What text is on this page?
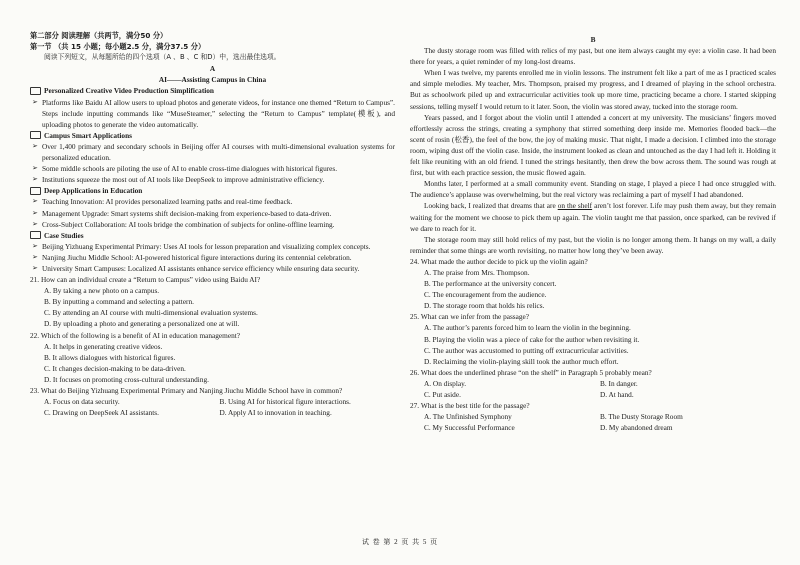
第二部分 阅读理解（共两节，满分50 分）

第一节 （共 15 小题；每小题2.5 分，满分37.5 分）

阅读下列短文，从每题所给的四个选项（A 、B 、C 和D）中，选出最佳选项。

A

AI——Assisting Campus in China

Personalized Creative Video Production Simplification
➢ Platforms like Baidu AI allow users to upload photos and generate videos, for instance one themed “Return to Campus”. Steps include inputting commands like “MuseSteamer,” selecting the “Return to Campus” template(模板), and uploading photos to generate the video automatically.
Campus Smart Applications
➢ Over 1,400 primary and secondary schools in Beijing offer AI courses with multi-dimensional evaluation systems for personalized education.
➢ Some middle schools are piloting the use of AI to enable cross-time dialogues with historical figures.
➢ Institutions squeeze the most out of AI tools like DeepSeek to improve administrative efficiency.
Deep Applications in Education
➢ Teaching Innovation: AI provides personalized learning paths and real-time feedback.
➢ Management Upgrade: Smart systems shift decision-making from experience-based to data-driven.
➢ Cross-Subject Collaboration: AI tools bridge the combination of subjects for online-offline learning.
Case Studies
➢ Beijing Yizhuang Experimental Primary: Uses AI tools for lesson preparation and visualizing complex concepts.
➢ Nanjing Jiuchu Middle School: AI-powered historical figure interactions during its centennial celebration.
➢ University Smart Campuses: Localized AI assistants enhance service efficiency while ensuring data security.

21. How can an individual create a “Return to Campus” video using Baidu AI?

A. By taking a new photo on a campus.

B. By inputting a command and selecting a pattern.

C. By attending an AI course with multi-dimensional evaluation systems.

D. By uploading a photo and generating a personalized one at will.

22. Which of the following is a benefit of AI in education management?

A. It helps in generating creative videos.

B. It allows dialogues with historical figures.

C. It changes decision-making to be data-driven.

D. It focuses on promoting cross-cultural understanding.

23. What do Beijing Yizhuang Experimental Primary and Nanjing Jiuchu Middle School have in common?

A. Focus on data security.	B. Using AI for historical figure interactions.
C. Drawing on DeepSeek AI assistants.	D. Apply AI to innovation in teaching.

B

The dusty storage room was filled with relics of my past, but one item always caught my eye: a violin case. It had been there for years, a quiet reminder of my long-lost dreams.

When I was twelve, my parents enrolled me in violin lessons. The instrument felt like a part of me as I practiced scales and simple melodies. My teacher, Mrs. Thompson, praised my progress, and I dreamed of playing in the school orchestra. But as schoolwork piled up and extracurricular activities took up more time, practicing became a chore. I started skipping sessions, telling myself I would return to it later. Soon, the violin was stored away, tucked into the storage room.

Years passed, and I forgot about the violin until I attended a concert at my university. The musicians’ fingers moved effortlessly across the strings, creating a symphony that stirred something deep inside me. Memories flooded back—the scent of rosin (松香), the feel of the bow, the joy of making music. That night, I made a decision. I climbed into the storage room, wiping dust off the violin case. Inside, the instrument looked as clean and untouched as the day I had left it. Holding it felt like reuniting with an old friend. I tuned the strings hesitantly, then drew the bow across them. The sound was rough at first, but with each practice session, the music flowed again.

Months later, I performed at a small community event. Standing on stage, I played a piece I had once struggled with. The audience’s applause was overwhelming, but the real victory was reclaiming a part of myself I had abandoned.

Looking back, I realized that dreams that are on the shelf aren’t lost forever. Life may push them away, but they remain waiting for the moment we choose to pick them up again. The violin taught me that passion, once sparked, can be revived if we dare to reach for it.

The storage room may still hold relics of my past, but the violin is no longer among them. It hangs on my wall, a daily reminder that some things are worth revisiting, no matter how long they’ve been away.

24. What made the author decide to pick up the violin again?

A. The praise from Mrs. Thompson.

B. The performance at the university concert.

C. The encouragement from the audience.

D. The storage room that holds his relics.

25. What can we infer from the passage?

A. The author’s parents forced him to learn the violin in the beginning.

B. Playing the violin was a piece of cake for the author when revisiting it.

C. The author was accustomed to putting off extracurricular activities.

D. Reclaiming the violin-playing skill took the author much effort.

26. What does the underlined phrase “on the shelf” in Paragraph 5 probably mean?

A. On display.	B. In danger.
C. Put aside.	D. At hand.

27. What is the best title for the passage?

A. The Unfinished Symphony	B. The Dusty Storage Room
C. My Successful Performance	D. My abandoned dream
试 卷 第 2 页 共 5 页
